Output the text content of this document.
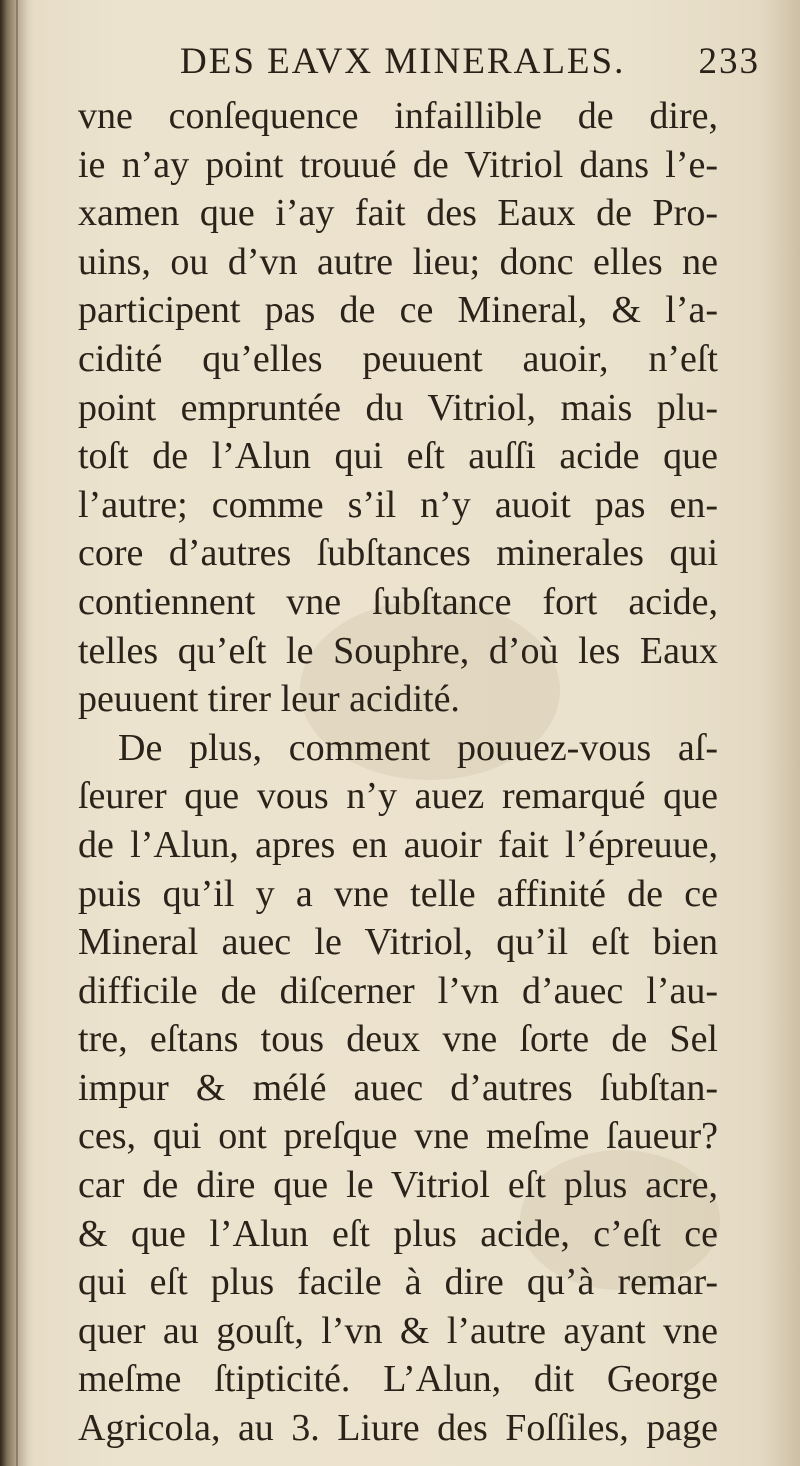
DES EAVX MINERALES. 233
vne conſequence infaillible de dire,
ie n’ay point trouué de Vitriol dans l’e-
xamen que i’ay fait des Eaux de Pro-
uins, ou d’vn autre lieu; donc elles ne
participent pas de ce Mineral, & l’a-
cidité qu’elles peuuent auoir, n’eſt
point empruntée du Vitriol, mais plu-
toſt de l’Alun qui eſt auſſi acide que
l’autre; comme s’il n’y auoit pas en-
core d’autres ſubſtances minerales qui
contiennent vne ſubſtance fort acide,
telles qu’eſt le Souphre, d’où les Eaux
peuuent tirer leur acidité.
De plus, comment pouuez-vous aſ-
ſeurer que vous n’y auez remarqué que
de l’Alun, apres en auoir fait l’épreuue,
puis qu’il y a vne telle affinité de ce
Mineral auec le Vitriol, qu’il eſt bien
difficile de diſcerner l’vn d’auec l’au-
tre, eſtans tous deux vne ſorte de Sel
impur & mélé auec d’autres ſubſtan-
ces, qui ont preſque vne meſme ſaueur?
car de dire que le Vitriol eſt plus acre,
& que l’Alun eſt plus acide, c’eſt ce
qui eſt plus facile à dire qu’à remar-
quer au gouſt, l’vn & l’autre ayant vne
meſme ſtipticité. L’Alun, dit George
Agricola, au 3. Liure des Foſſiles, page
